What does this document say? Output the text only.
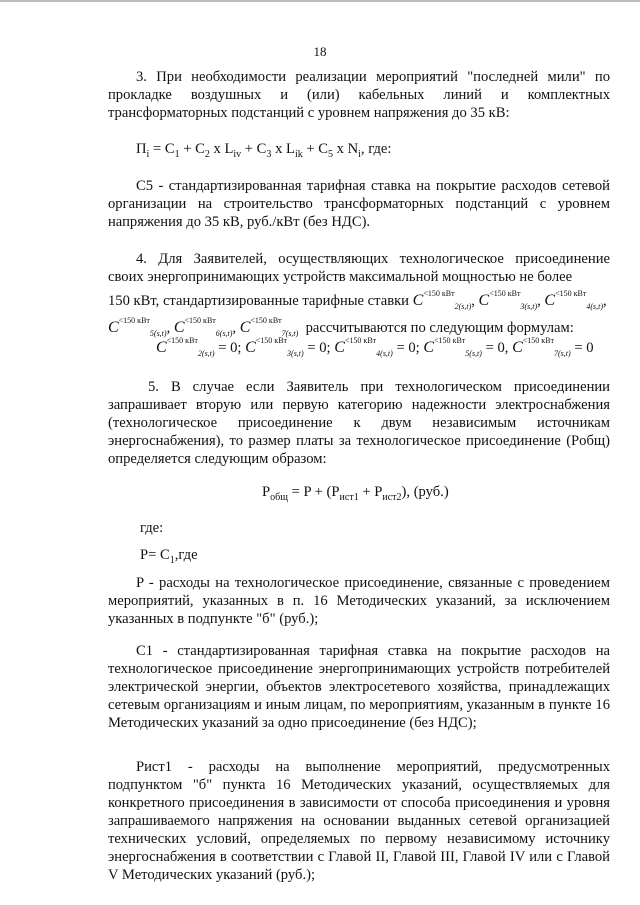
18
3. При необходимости реализации мероприятий "последней мили" по прокладке воздушных и (или) кабельных линий и комплектных трансформаторных подстанций с уровнем напряжения до 35 кВ:
$П_i = C_1 + C_2$ x $L_{iv} + C_3$ x $L_{ik} + C_5$ x $N_i$, где:
C5 - стандартизированная тарифная ставка на покрытие расходов сетевой организации на строительство трансформаторных подстанций с уровнем напряжения до 35 кВ, руб./кВт (без НДС).
4. Для Заявителей, осуществляющих технологическое присоединение своих энергопринимающих устройств максимальной мощностью не более
150 кВт, стандартизированные тарифные ставки $C^{<150 кВт}_{2(s,t)}$, $C^{<150 кВт}_{3(s,t)}$, $C^{<150 кВт}_{4(s,t)}$,
$C^{<150 кВт}_{5(s,t)}$, $C^{<150 кВт}_{6(s,t)}$, $C^{<150 кВт}_{7(s,t)}$ рассчитываются по следующим формулам:
$C^{<150 кВт}_{2(s,t)} = 0$; $C^{<150 кВт}_{3(s,t)} = 0$; $C^{<150 кВт}_{4(s,t)} = 0$; $C^{<150 кВт}_{5(s,t)} = 0$, $C^{<150 кВт}_{7(s,t)} = 0$
5. В случае если Заявитель при технологическом присоединении запрашивает вторую или первую категорию надежности электроснабжения (технологическое присоединение к двум независимым источникам энергоснабжения), то размер платы за технологическое присоединение (Pобщ) определяется следующим образом:
$P_{общ} = P + (P_{ист1} + P_{ист2})$, (руб.)
где:
$P= C_1,где$
P - расходы на технологическое присоединение, связанные с проведением мероприятий, указанных в п. 16 Методических указаний, за исключением указанных в подпункте "б" (руб.);
C1 - стандартизированная тарифная ставка на покрытие расходов на технологическое присоединение энергопринимающих устройств потребителей электрической энергии, объектов электросетевого хозяйства, принадлежащих сетевым организациям и иным лицам, по мероприятиям, указанным в пункте 16 Методических указаний за одно присоединение (без НДС);
Pист1 - расходы на выполнение мероприятий, предусмотренных подпунктом "б" пункта 16 Методических указаний, осуществляемых для конкретного присоединения в зависимости от способа присоединения и уровня запрашиваемого напряжения на основании выданных сетевой организацией технических условий, определяемых по первому независимому источнику энергоснабжения в соответствии с Главой II, Главой III, Главой IV или с Главой V Методических указаний (руб.);
